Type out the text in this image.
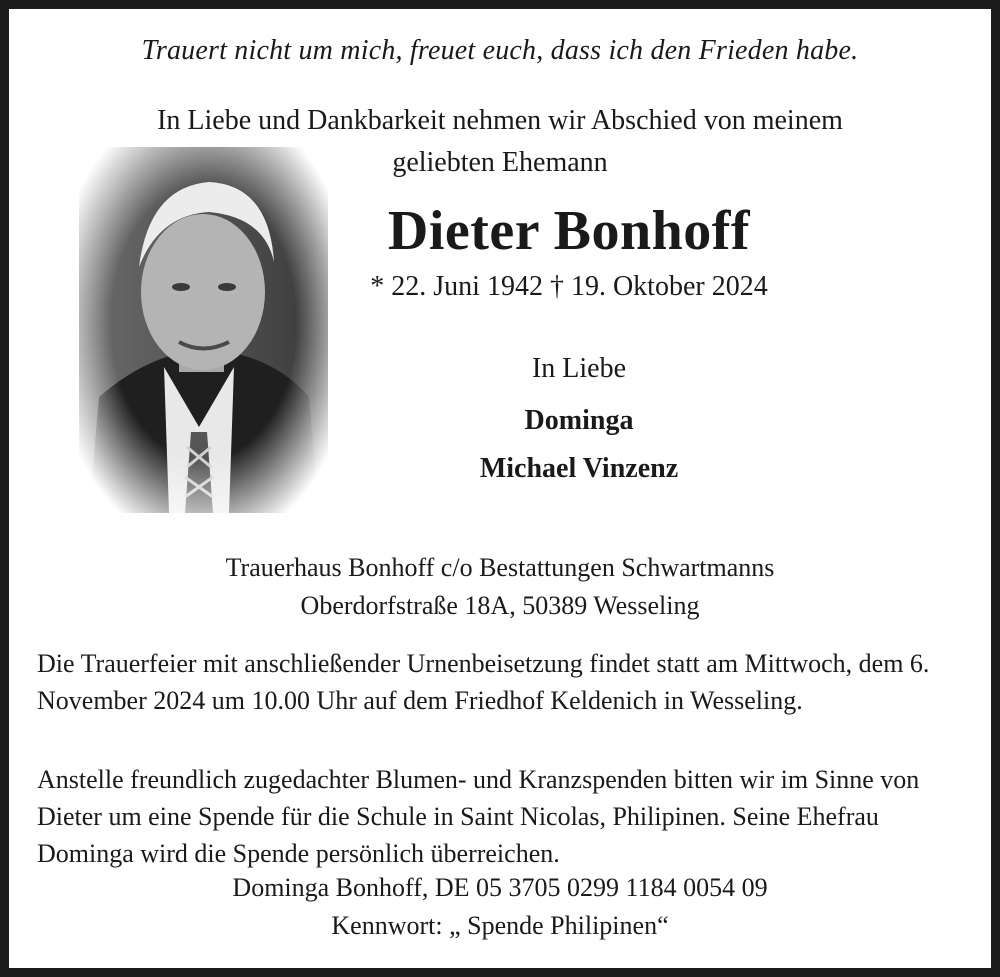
Trauert nicht um mich, freuet euch, dass ich den Frieden habe.
In Liebe und Dankbarkeit nehmen wir Abschied von meinem
geliebten Ehemann
Dieter Bonhoff
* 22. Juni 1942 † 19. Oktober 2024
In Liebe
Dominga
Michael Vinzenz
Trauerhaus Bonhoff c/o Bestattungen Schwartmanns
Oberdorfstraße 18A, 50389 Wesseling
Die Trauerfeier mit anschließender Urnenbeisetzung findet statt am Mittwoch, dem 6. November 2024 um 10.00 Uhr auf dem Friedhof Keldenich in Wesseling.
Anstelle freundlich zugedachter Blumen- und Kranzspenden bitten wir im Sinne von Dieter um eine Spende für die Schule in Saint Nicolas, Philipinen. Seine Ehefrau Dominga wird die Spende persönlich überreichen.
Dominga Bonhoff, DE 05 3705 0299 1184 0054 09
Kennwort: „ Spende Philipinen“
